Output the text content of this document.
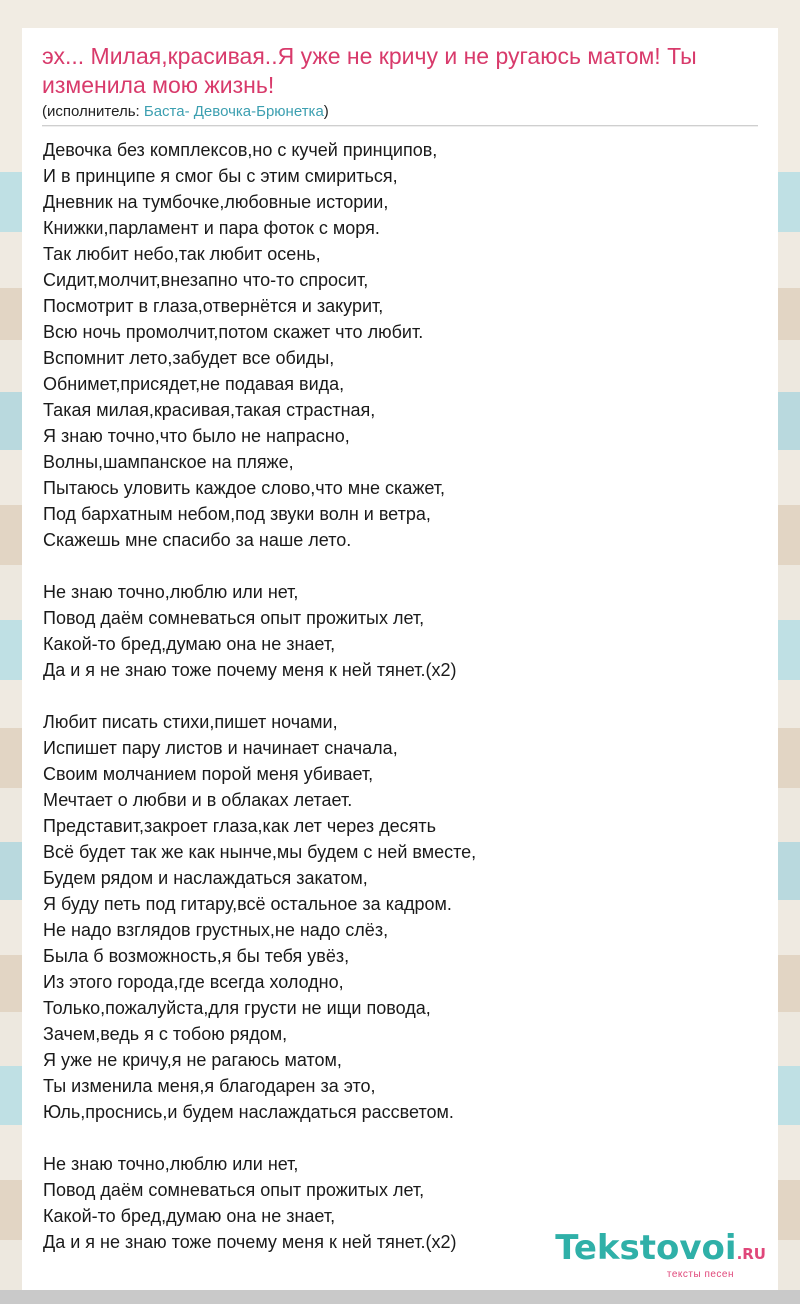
эх... Милая,красивая..Я уже не кричу и не ругаюсь матом! Ты изменила мою жизнь!
(исполнитель: Баста- Девочка-Брюнетка)
Девочка без комплексов,но с кучей принципов,
И в принципе я смог бы с этим смириться,
Дневник на тумбочке,любовные истории,
Книжки,парламент и пара фоток с моря.
Так любит небо,так любит осень,
Сидит,молчит,внезапно что-то спросит,
Посмотрит в глаза,отвернётся и закурит,
Всю ночь промолчит,потом скажет что любит.
Вспомнит лето,забудет все обиды,
Обнимет,присядет,не подавая вида,
Такая милая,красивая,такая страстная,
Я знаю точно,что было не напрасно,
Волны,шампанское на пляже,
Пытаюсь уловить каждое слово,что мне скажет,
Под бархатным небом,под звуки волн и ветра,
Скажешь мне спасибо за наше лето.
Не знаю точно,люблю или нет,
Повод даём сомневаться опыт прожитых лет,
Какой-то бред,думаю она не знает,
Да и я не знаю тоже почему меня к ней тянет.(x2)
Любит писать стихи,пишет ночами,
Испишет пару листов и начинает сначала,
Своим молчанием порой меня убивает,
Мечтает о любви и в облаках летает.
Представит,закроет глаза,как лет через десять
Всё будет так же как нынче,мы будем с ней вместе,
Будем рядом и наслаждаться закатом,
Я буду петь под гитару,всё остальное за кадром.
Не надо взглядов грустных,не надо слёз,
Была б возможность,я бы тебя увёз,
Из этого города,где всегда холодно,
Только,пожалуйста,для грусти не ищи повода,
Зачем,ведь я с тобою рядом,
Я уже не кричу,я не рагаюсь матом,
Ты изменила меня,я благодарен за это,
Юль,проснись,и будем наслаждаться рассветом.
Не знаю точно,люблю или нет,
Повод даём сомневаться опыт прожитых лет,
Какой-то бред,думаю она не знает,
Да и я не знаю тоже почему меня к ней тянет.(x2)	Tekstovoi.RU
тексты песен
